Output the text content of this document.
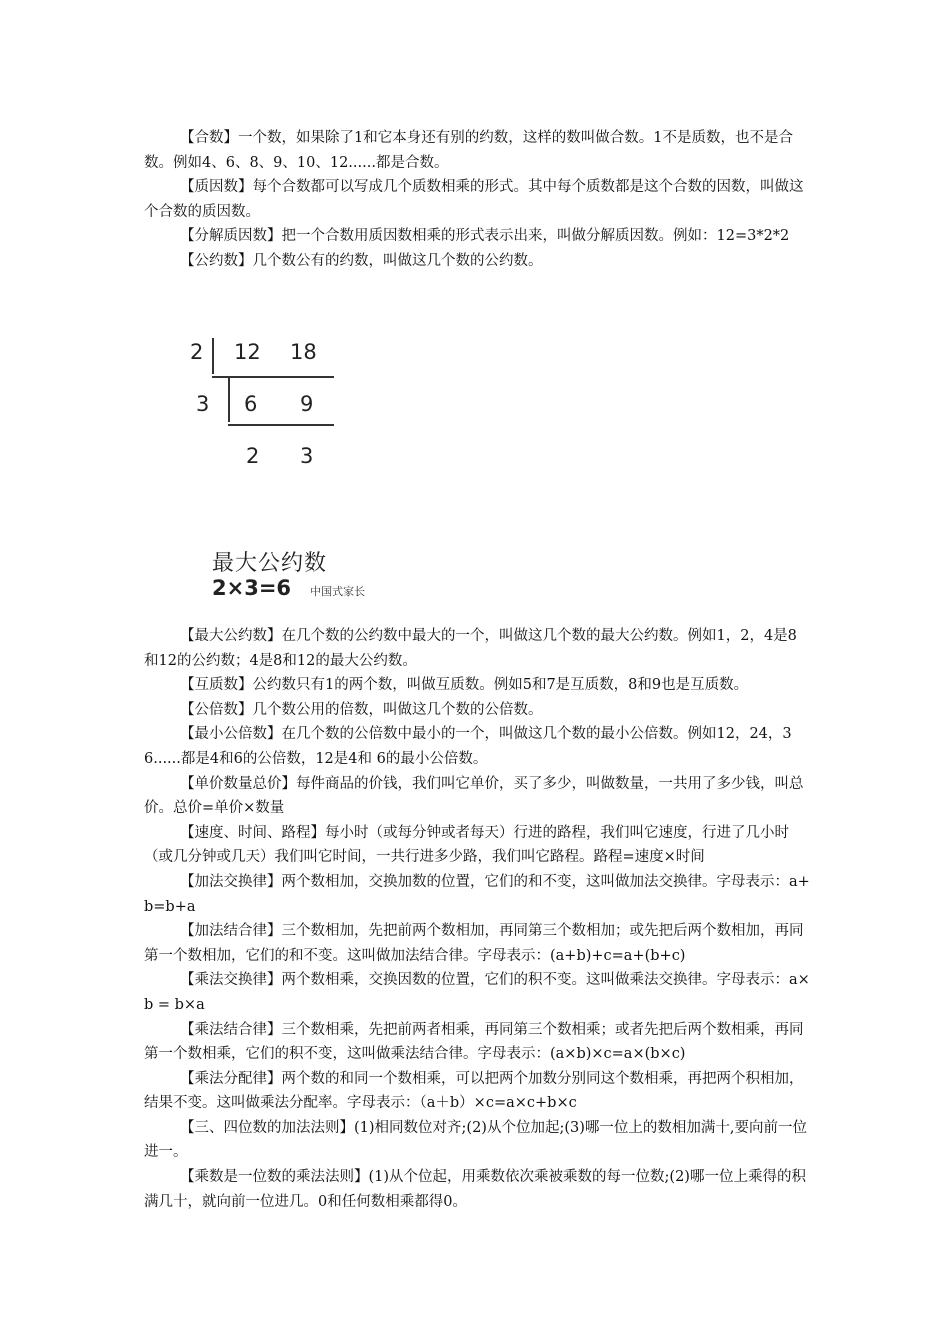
【合数】一个数，如果除了1和它本身还有别的约数，这样的数叫做合数。1不是质数，也不是合数。例如4、6、8、9、10、12......都是合数。

【质因数】每个合数都可以写成几个质数相乘的形式。其中每个质数都是这个合数的因数，叫做这个合数的质因数。

【分解质因数】把一个合数用质因数相乘的形式表示出来，叫做分解质因数。例如：12=3*2*2

【公约数】几个数公有的约数，叫做这几个数的公约数。

2 12 18
3 6 9
2 3
最大公约数
2×3=6 中国式家长

【最大公约数】在几个数的公约数中最大的一个，叫做这几个数的最大公约数。例如1，2，4是8和12的公约数；4是8和12的最大公约数。

【互质数】公约数只有1的两个数，叫做互质数。例如5和7是互质数，8和9也是互质数。

【公倍数】几个数公用的倍数，叫做这几个数的公倍数。

【最小公倍数】在几个数的公倍数中最小的一个，叫做这几个数的最小公倍数。例如12，24，36......都是4和6的公倍数，12是4和 6的最小公倍数。

【单价数量总价】每件商品的价钱，我们叫它单价，买了多少，叫做数量，一共用了多少钱，叫总价。总价=单价×数量

【速度、时间、路程】每小时（或每分钟或者每天）行进的路程，我们叫它速度，行进了几小时（或几分钟或几天）我们叫它时间，一共行进多少路，我们叫它路程。路程=速度×时间

【加法交换律】两个数相加，交换加数的位置，它们的和不变，这叫做加法交换律。字母表示：a+b=b+a

【加法结合律】三个数相加，先把前两个数相加，再同第三个数相加；或先把后两个数相加，再同第一个数相加，它们的和不变。这叫做加法结合律。字母表示：(a+b)+c=a+(b+c)

【乘法交换律】两个数相乘，交换因数的位置，它们的积不变。这叫做乘法交换律。字母表示：a×b = b×a

【乘法结合律】三个数相乘，先把前两者相乘，再同第三个数相乘；或者先把后两个数相乘，再同第一个数相乘，它们的积不变，这叫做乘法结合律。字母表示：(a×b)×c=a×(b×c)

【乘法分配律】两个数的和同一个数相乘，可以把两个加数分别同这个数相乘，再把两个积相加，结果不变。这叫做乘法分配率。字母表示：（a＋b）×c=a×c+b×c

【三、四位数的加法法则】(1)相同数位对齐;(2)从个位加起;(3)哪一位上的数相加满十,要向前一位进一。

【乘数是一位数的乘法法则】(1)从个位起，用乘数依次乘被乘数的每一位数;(2)哪一位上乘得的积满几十，就向前一位进几。0和任何数相乘都得0。
